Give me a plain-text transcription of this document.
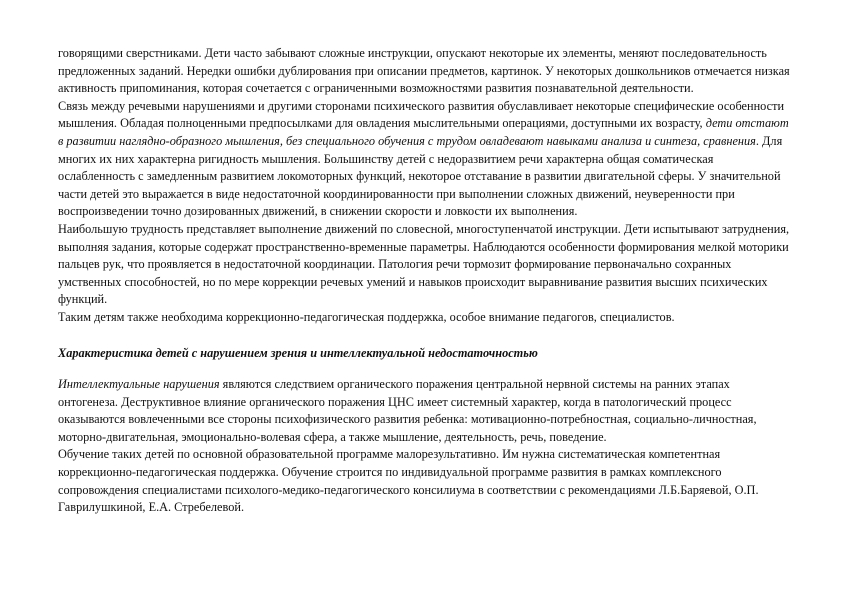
говорящими сверстниками. Дети часто забывают сложные инструкции, опускают некоторые их элементы, меняют последовательность предложенных заданий. Нередки ошибки дублирования при описании предметов, картинок. У некоторых дошкольников отмечается низкая активность припоминания, которая сочетается с ограниченными возможностями развития познавательной деятельности.

Связь между речевыми нарушениями и другими сторонами психического развития обуславливает некоторые специфические особенности мышления. Обладая полноценными предпосылками для овладения мыслительными операциями, доступными их возрасту, дети отстают в развитии наглядно-образного мышления, без специального обучения с трудом овладевают навыками анализа и синтеза, сравнения. Для многих их них характерна ригидность мышления. Большинству детей с недоразвитием речи характерна общая соматическая ослабленность с замедленным развитием локомоторных функций, некоторое отставание в развитии двигательной сферы. У значительной части детей это выражается в виде недостаточной координированности при выполнении сложных движений, неуверенности при воспроизведении точно дозированных движений, в снижении скорости и ловкости их выполнения.

Наибольшую трудность представляет выполнение движений по словесной, многоступенчатой инструкции. Дети испытывают затруднения, выполняя задания, которые содержат пространственно-временные параметры. Наблюдаются особенности формирования мелкой моторики пальцев рук, что проявляется в недостаточной координации. Патология речи тормозит формирование первоначально сохранных умственных способностей, но по мере коррекции речевых умений и навыков происходит выравнивание развития высших психических функций.

Таким детям также необходима коррекционно-педагогическая поддержка, особое внимание педагогов, специалистов.

Характеристика детей с нарушением зрения и интеллектуальной недостаточностью

Интеллектуальные нарушения являются следствием органического поражения центральной нервной системы на ранних этапах онтогенеза. Деструктивное влияние органического поражения ЦНС имеет системный характер, когда в патологический процесс оказываются вовлеченными все стороны психофизического развития ребенка: мотивационно-потребностная, социально-личностная, моторно-двигательная, эмоционально-волевая сфера, а также мышление, деятельность, речь, поведение.

Обучение таких детей по основной образовательной программе малорезультативно. Им нужна систематическая компетентная коррекционно-педагогическая поддержка. Обучение строится по индивидуальной программе развития в рамках комплексного сопровождения специалистами психолого-медико-педагогического консилиума в соответствии с рекомендациями Л.Б.Баряевой, О.П. Гаврилушкиной, Е.А. Стребелевой.
